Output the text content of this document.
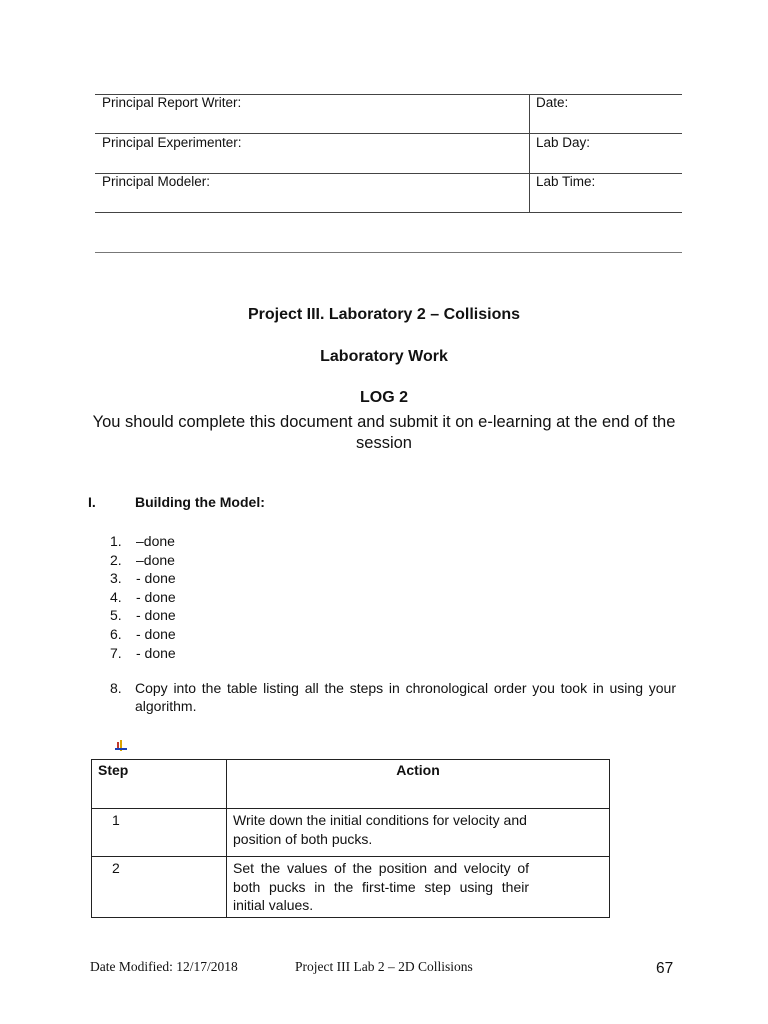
Principal Report Writer:	Date:
Principal Experimenter:	Lab Day:
Principal Modeler:	Lab Time:
Project III. Laboratory 2 – Collisions
Laboratory Work
LOG 2
You should complete this document and submit it on e-learning at the end of the session
I.	Building the Model:
1.	–done
2.	–done
3.	- done
4.	- done
5.	- done
6.	- done
7.	- done
8. Copy into the table listing all the steps in chronological order you took in using your algorithm.
Step	Action
1	Write down the initial conditions for velocity and position of both pucks.
2	Set the values of the position and velocity of both pucks in the first-time step using their initial values.
Date Modified: 12/17/2018	Project III Lab 2 – 2D Collisions	67
